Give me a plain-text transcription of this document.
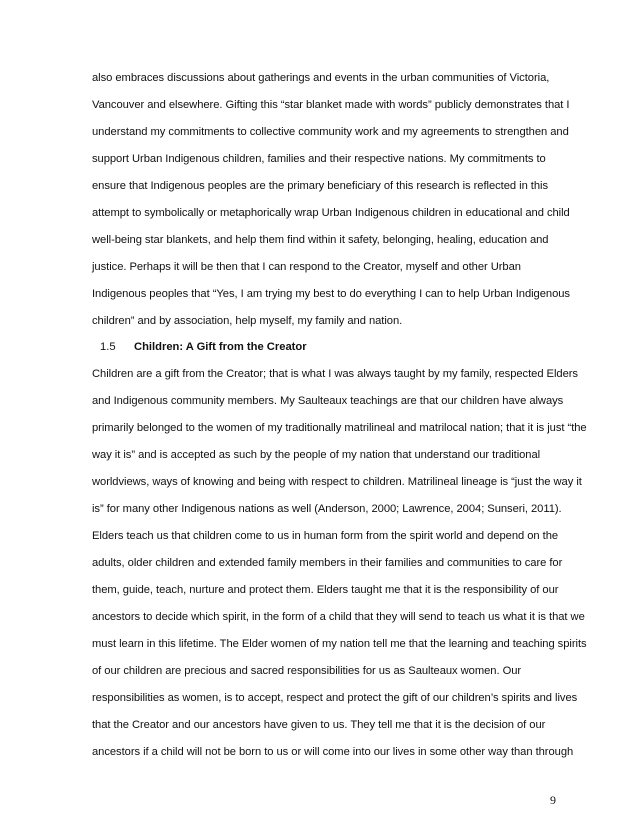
also embraces discussions about gatherings and events in the urban communities of Victoria,
Vancouver and elsewhere. Gifting this “star blanket made with words” publicly demonstrates that I
understand my commitments to collective community work and my agreements to strengthen and
support Urban Indigenous children, families and their respective nations. My commitments to
ensure that Indigenous peoples are the primary beneficiary of this research is reflected in this
attempt to symbolically or metaphorically wrap Urban Indigenous children in educational and child
well-being star blankets, and help them find within it safety, belonging, healing, education and
justice. Perhaps it will be then that I can respond to the Creator, myself and other Urban
Indigenous peoples that “Yes, I am trying my best to do everything I can to help Urban Indigenous
children” and by association, help myself, my family and nation.
1.5 Children: A Gift from the Creator
Children are a gift from the Creator; that is what I was always taught by my family, respected Elders
and Indigenous community members. My Saulteaux teachings are that our children have always
primarily belonged to the women of my traditionally matrilineal and matrilocal nation; that it is just “the
way it is” and is accepted as such by the people of my nation that understand our traditional
worldviews, ways of knowing and being with respect to children. Matrilineal lineage is “just the way it
is” for many other Indigenous nations as well (Anderson, 2000; Lawrence, 2004; Sunseri, 2011).
Elders teach us that children come to us in human form from the spirit world and depend on the
adults, older children and extended family members in their families and communities to care for
them, guide, teach, nurture and protect them. Elders taught me that it is the responsibility of our
ancestors to decide which spirit, in the form of a child that they will send to teach us what it is that we
must learn in this lifetime. The Elder women of my nation tell me that the learning and teaching spirits
of our children are precious and sacred responsibilities for us as Saulteaux women. Our
responsibilities as women, is to accept, respect and protect the gift of our children’s spirits and lives
that the Creator and our ancestors have given to us. They tell me that it is the decision of our
ancestors if a child will not be born to us or will come into our lives in some other way than through
9
